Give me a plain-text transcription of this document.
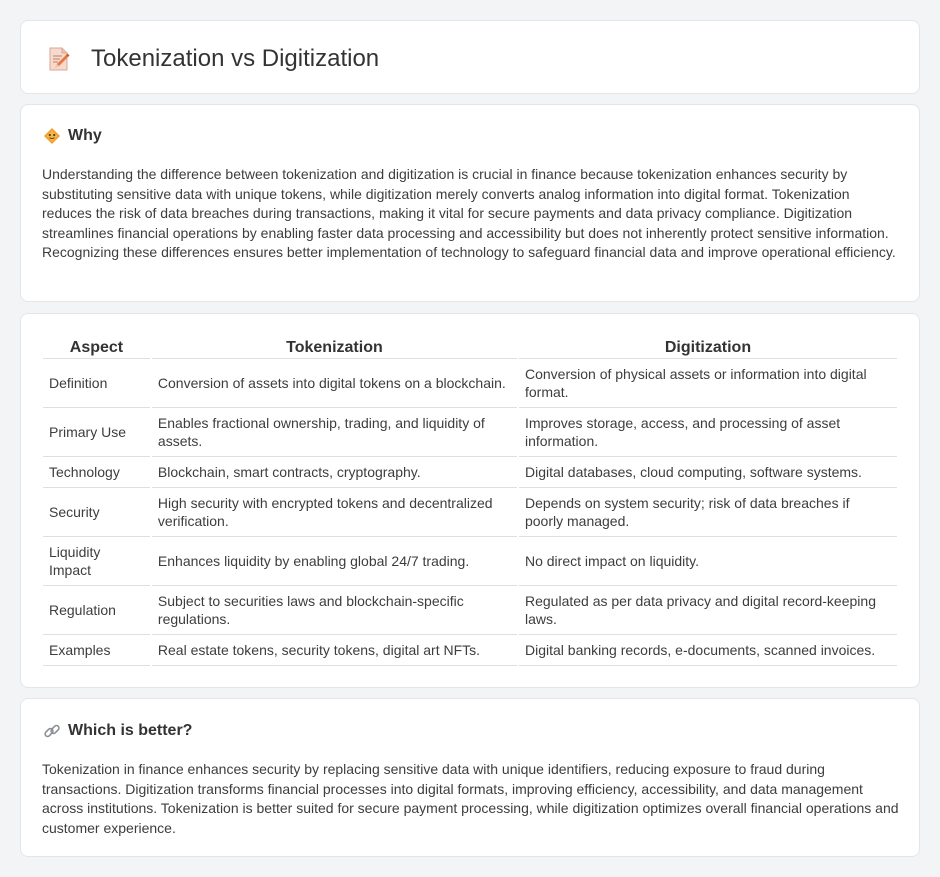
Tokenization vs Digitization
Why

Understanding the difference between tokenization and digitization is crucial in finance because tokenization enhances security by substituting sensitive data with unique tokens, while digitization merely converts analog information into digital format. Tokenization reduces the risk of data breaches during transactions, making it vital for secure payments and data privacy compliance. Digitization streamlines financial operations by enabling faster data processing and accessibility but does not inherently protect sensitive information. Recognizing these differences ensures better implementation of technology to safeguard financial data and improve operational efficiency.

Aspect	Tokenization	Digitization
Definition	Conversion of assets into digital tokens on a blockchain.	Conversion of physical assets or information into digital format.
Primary Use	Enables fractional ownership, trading, and liquidity of assets.	Improves storage, access, and processing of asset information.
Technology	Blockchain, smart contracts, cryptography.	Digital databases, cloud computing, software systems.
Security	High security with encrypted tokens and decentralized verification.	Depends on system security; risk of data breaches if poorly managed.
Liquidity Impact	Enhances liquidity by enabling global 24/7 trading.	No direct impact on liquidity.
Regulation	Subject to securities laws and blockchain-specific regulations.	Regulated as per data privacy and digital record-keeping laws.
Examples	Real estate tokens, security tokens, digital art NFTs.	Digital banking records, e-documents, scanned invoices.
Which is better?

Tokenization in finance enhances security by replacing sensitive data with unique identifiers, reducing exposure to fraud during transactions. Digitization transforms financial processes into digital formats, improving efficiency, accessibility, and data management across institutions. Tokenization is better suited for secure payment processing, while digitization optimizes overall financial operations and customer experience.
